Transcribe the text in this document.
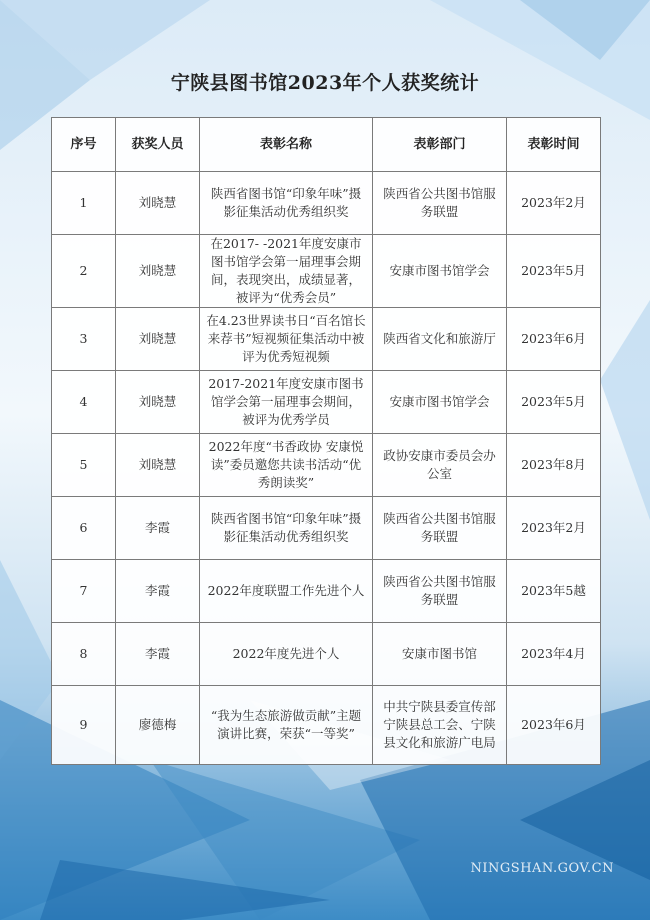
宁陕县图书馆2023年个人获奖统计
序号	获奖人员	表彰名称	表彰部门	表彰时间
1	刘晓慧	陕西省图书馆“印象年味”摄影征集活动优秀组织奖	陕西省公共图书馆服务联盟	2023年2月
2	刘晓慧	在2017- -2021年度安康市图书馆学会第一届理事会期间，表现突出，成绩显著，被评为“优秀会员”	安康市图书馆学会	2023年5月
3	刘晓慧	在4.23世界读书日“百名馆长来荐书”短视频征集活动中被评为优秀短视频	陕西省文化和旅游厅	2023年6月
4	刘晓慧	2017-2021年度安康市图书馆学会第一届理事会期间，被评为优秀学员	安康市图书馆学会	2023年5月
5	刘晓慧	2022年度“书香政协 安康悦读”委员邀您共读书活动“优秀朗读奖”	政协安康市委员会办公室	2023年8月
6	李霞	陕西省图书馆“印象年味”摄影征集活动优秀组织奖	陕西省公共图书馆服务联盟	2023年2月
7	李霞	2022年度联盟工作先进个人	陕西省公共图书馆服务联盟	2023年5越
8	李霞	2022年度先进个人	安康市图书馆	2023年4月
9	廖德梅	“我为生态旅游做贡献”主题演讲比赛，荣获“一等奖”	中共宁陕县委宣传部宁陕县总工会、宁陕县文化和旅游广电局	2023年6月
NINGSHAN.GOV.CN
